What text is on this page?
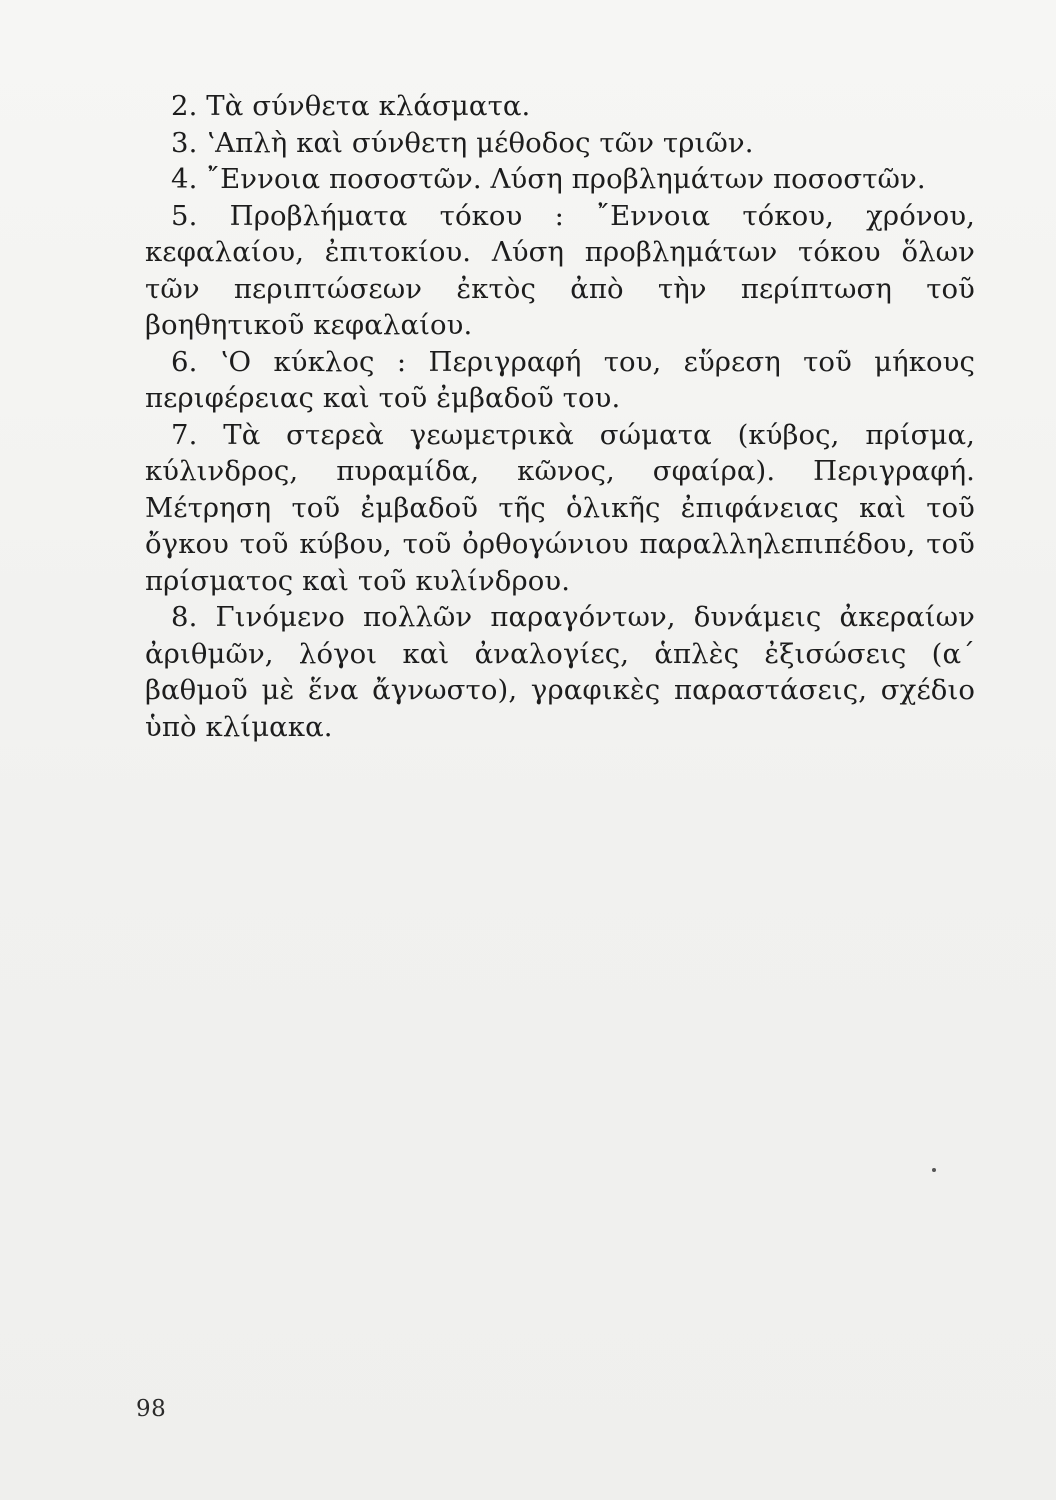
2. Τὰ σύνθετα κλάσματα.

3. ʽΑπλὴ καὶ σύνθετη μέθοδος τῶν τριῶν.

4. ῎Εννοια ποσοστῶν. Λύση προβλημάτων ποσοστῶν.

5. Προβλήματα τόκου : ῎Εννοια τόκου, χρόνου, κεφαλαίου, ἐπιτοκίου. Λύση προβλημάτων τόκου ὅλων τῶν περιπτώσεων ἐκτὸς ἀπὸ τὴν περίπτωση τοῦ βοηθητικοῦ κεφαλαίου.

6. ʽΟ κύκλος : Περιγραφή του, εὕρεση τοῦ μήκους περιφέρειας καὶ τοῦ ἐμβαδοῦ του.

7. Τὰ στερεὰ γεωμετρικὰ σώματα (κύβος, πρίσμα, κύλινδρος, πυραμίδα, κῶνος, σφαίρα). Περιγραφή. Μέτρηση τοῦ ἐμβαδοῦ τῆς ὁλικῆς ἐπιφάνειας καὶ τοῦ ὄγκου τοῦ κύβου, τοῦ ὀρθογώνιου παραλληλεπιπέδου, τοῦ πρίσματος καὶ τοῦ κυλίνδρου.

8. Γινόμενο πολλῶν παραγόντων, δυνάμεις ἀκεραίων ἀριθμῶν, λόγοι καὶ ἀναλογίες, ἁπλὲς ἐξισώσεις (α΄ βαθμοῦ μὲ ἕνα ἄγνωστο), γραφικὲς παραστάσεις, σχέδιο ὑπὸ κλίμακα.

98
